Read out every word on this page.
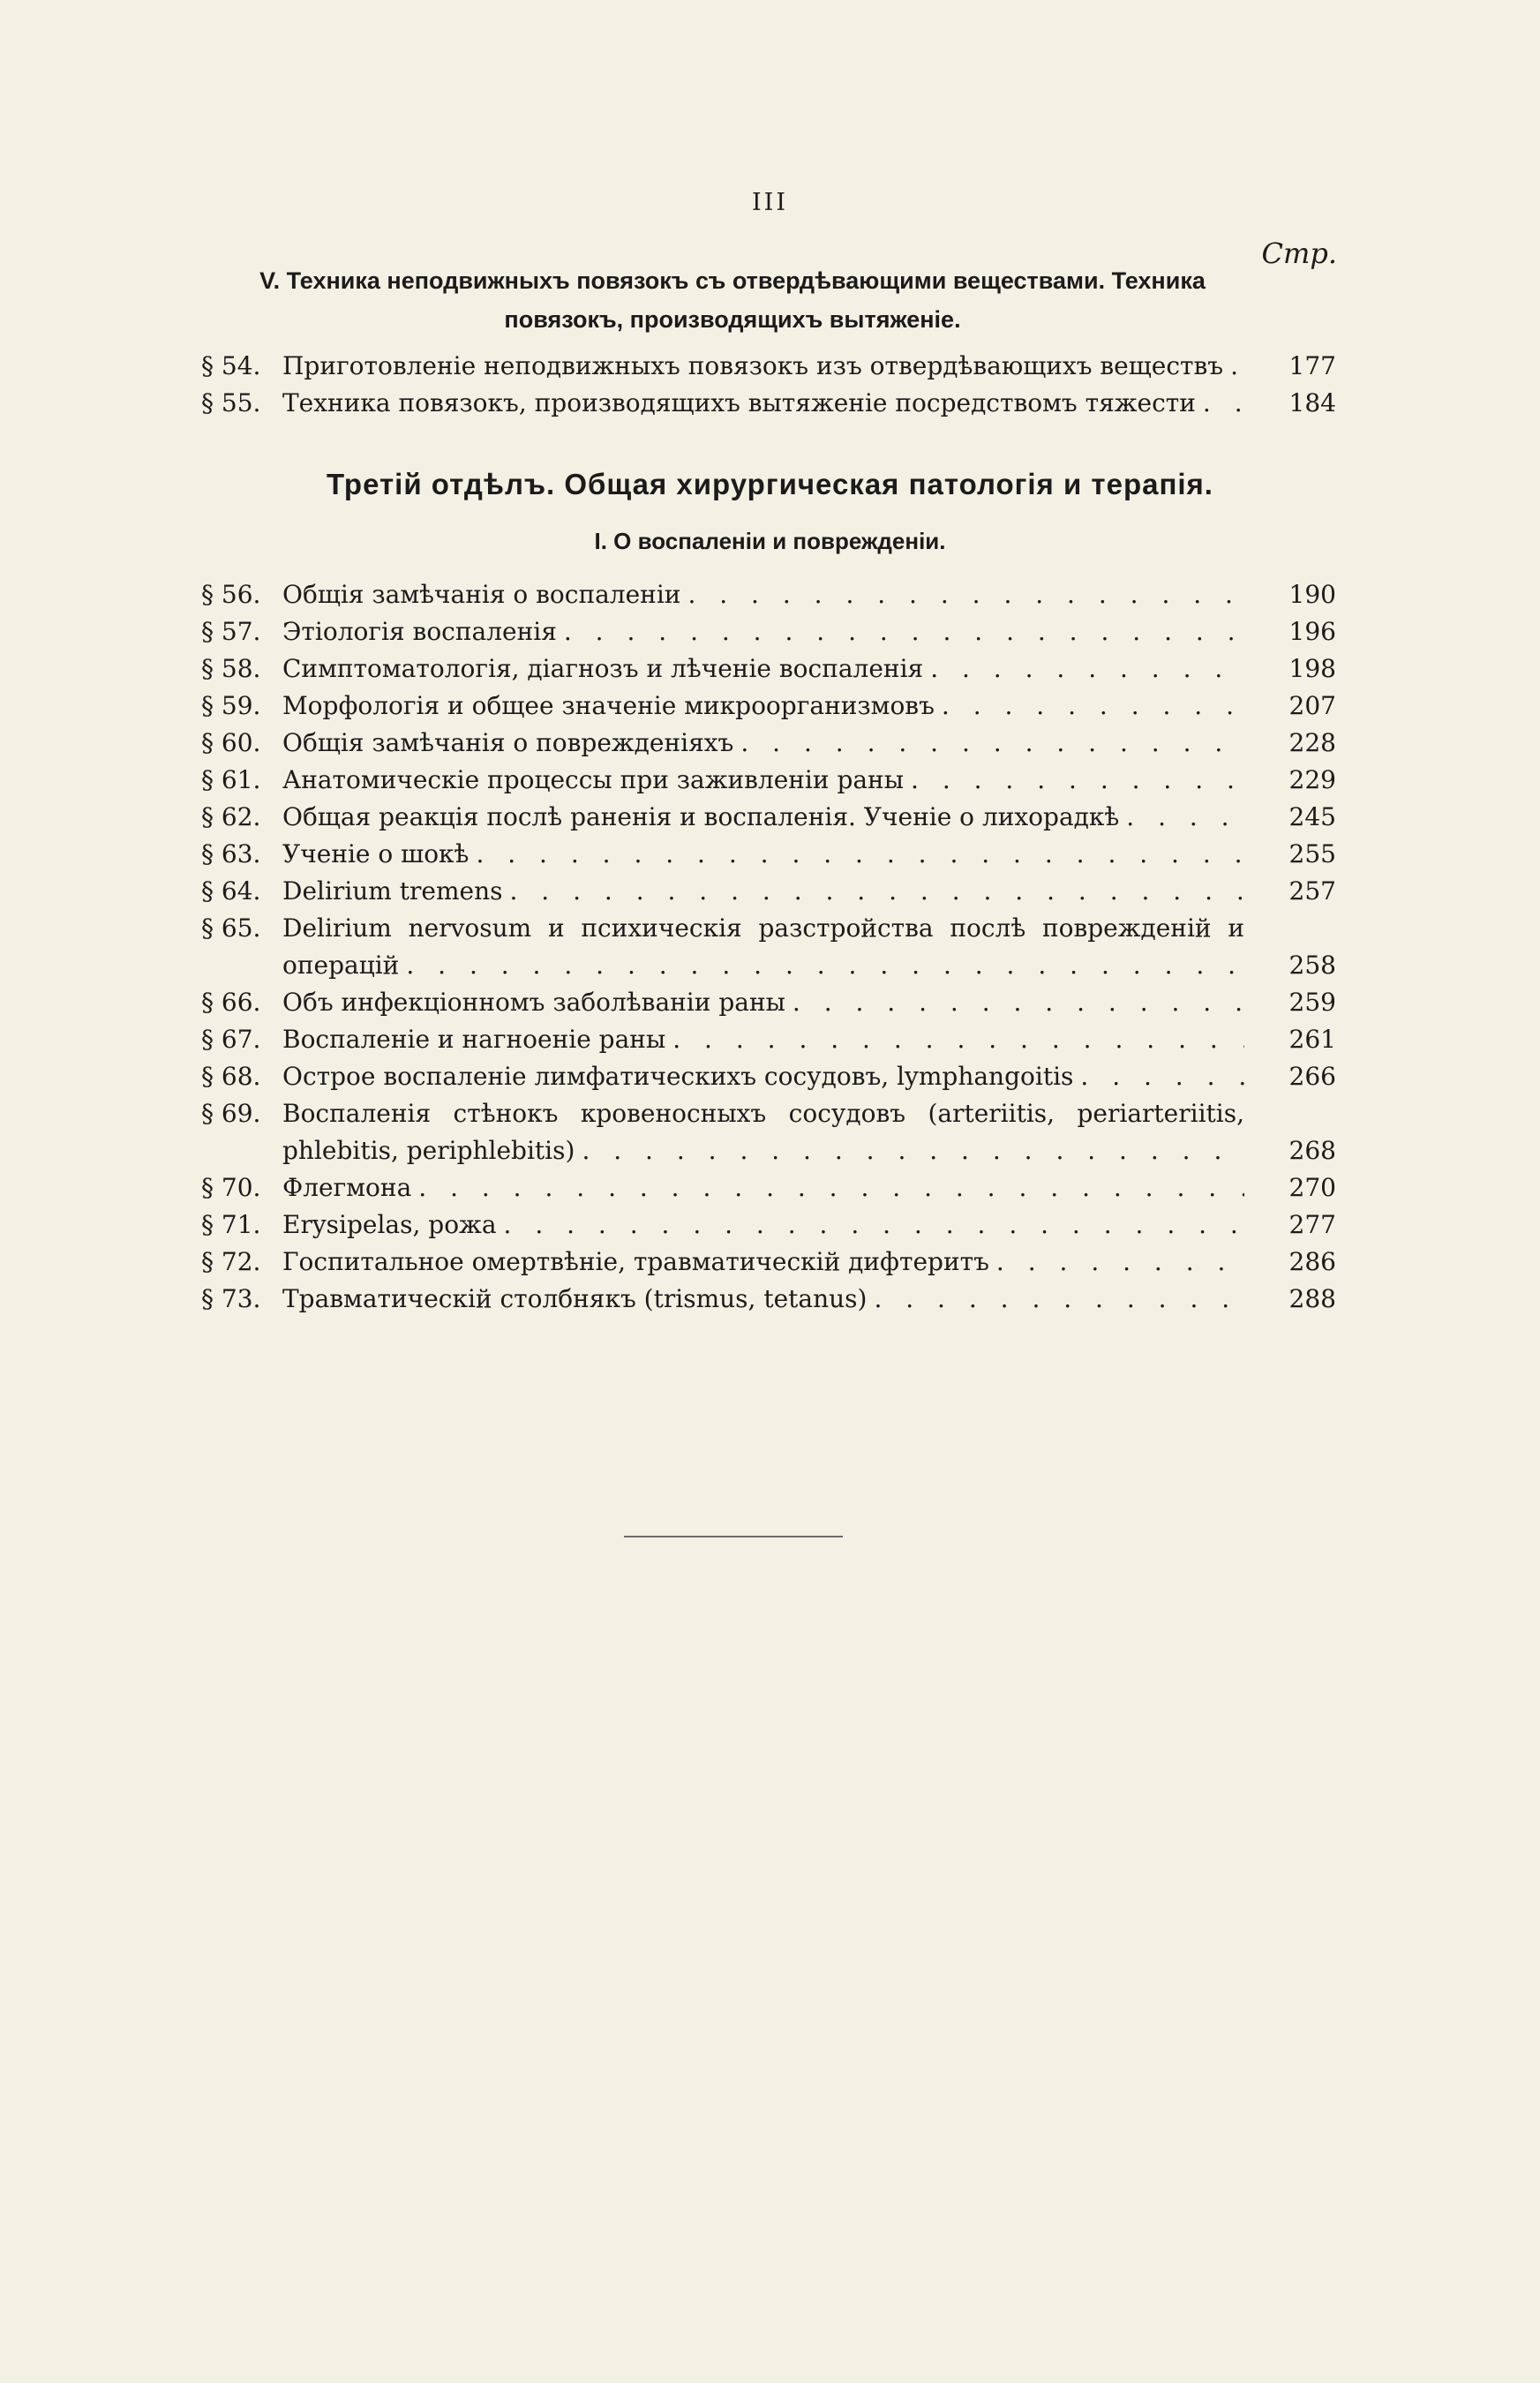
III
Стр.
V. Техника неподвижныхъ повязокъ съ отвердѣвающими веществами. Техника
повязокъ, производящихъ вытяженіе.
§ 54. Приготовленіе неподвижныхъ повязокъ изъ отвердѣвающихъ веществъ . . .	177
§ 55. Техника повязокъ, производящихъ вытяженіе посредствомъ тяжести . . .	184
Третій отдѣлъ. Общая хирургическая патологія и терапія.
I. О воспаленіи и поврежденіи.
§ 56. Общія замѣчанія о воспаленіи . . .	190
§ 57. Этіологія воспаленія . . .	196
§ 58. Симптоматологія, діагнозъ и лѣченіе воспаленія . . .	198
§ 59. Морфологія и общее значеніе микроорганизмовъ . . .	207
§ 60. Общія замѣчанія о поврежденіяхъ . . .	228
§ 61. Анатомическіе процессы при заживленіи раны . . .	229
§ 62. Общая реакція послѣ раненія и воспаленія. Ученіе о лихорадкѣ . . .	245
§ 63. Ученіе о шокѣ . . .	255
§ 64. Delirium tremens . . .	257
§ 65. Delirium nervosum и психическія разстройства послѣ поврежденій и
операцій . . .	258
§ 66. Объ инфекціонномъ заболѣваніи раны . . .	259
§ 67. Воспаленіе и нагноеніе раны . . .	261
§ 68. Острое воспаленіе лимфатическихъ сосудовъ, lymphangoitis . . .	266
§ 69. Воспаленія стѣнокъ кровеносныхъ сосудовъ (arteriitis, periarteriitis,
phlebitis, periphlebitis) . . .	268
§ 70. Флегмона . . .	270
§ 71. Erysipelas, рожа . . .	277
§ 72. Госпитальное омертвѣніе, травматическій дифтеритъ . . .	286
§ 73. Травматическій столбнякъ (trismus, tetanus) . . .	288
